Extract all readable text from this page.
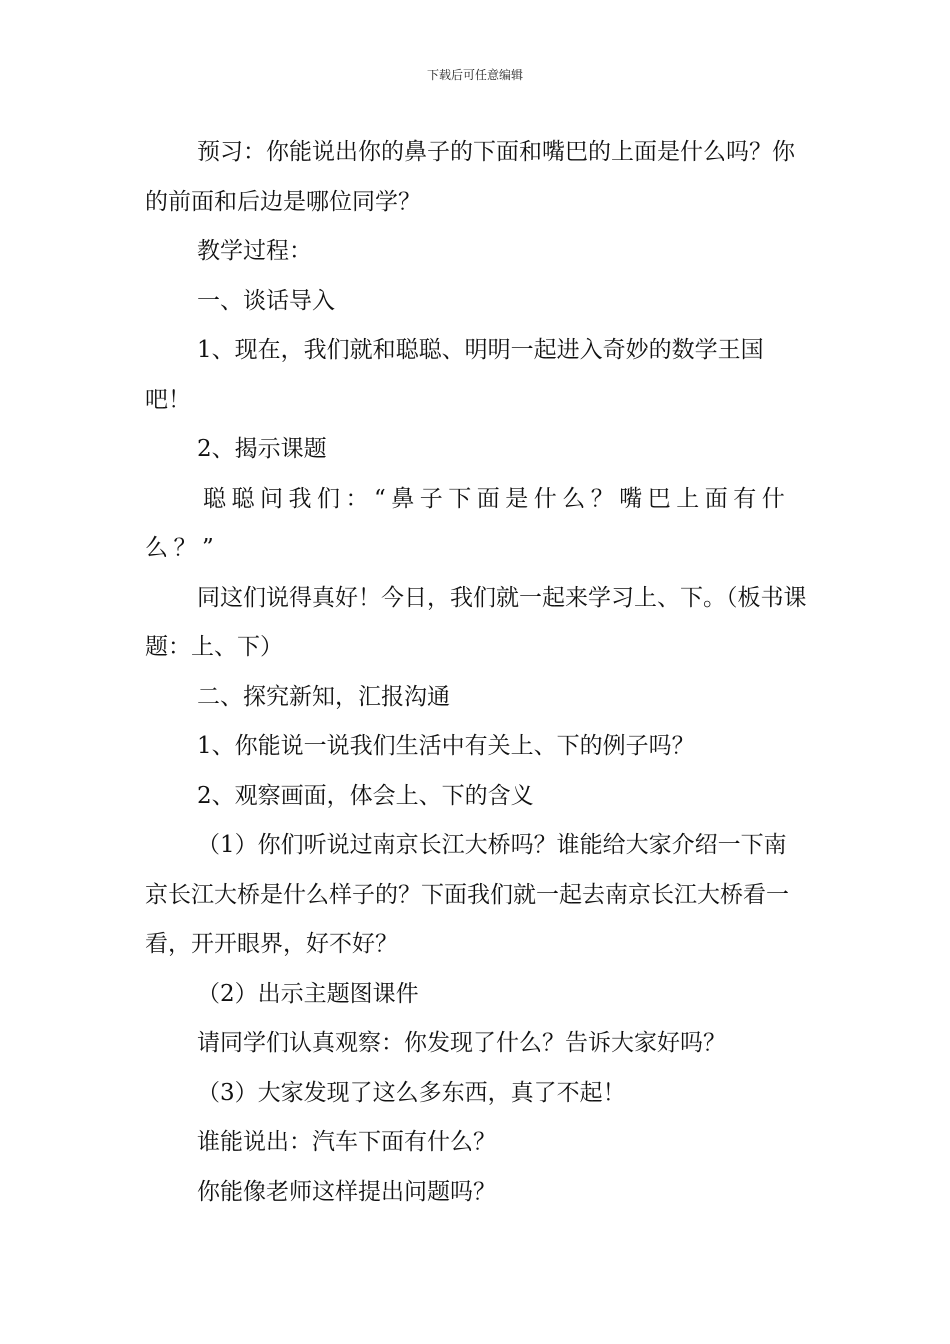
下载后可任意编辑

预习：你能说出你的鼻子的下面和嘴巴的上面是什么吗？你的前面和后边是哪位同学？

教学过程：

一、谈话导入

1、现在，我们就和聪聪、明明一起进入奇妙的数学王国吧！

2、揭示课题

聪聪问我们：“鼻子下面是什么？嘴巴上面有什么？”

同这们说得真好！今日，我们就一起来学习上、下。（板书课题：上、下）

二、探究新知，汇报沟通

1、你能说一说我们生活中有关上、下的例子吗？

2、观察画面，体会上、下的含义

（1）你们听说过南京长江大桥吗？谁能给大家介绍一下南京长江大桥是什么样子的？下面我们就一起去南京长江大桥看一看，开开眼界，好不好？

（2）出示主题图课件

请同学们认真观察：你发现了什么？告诉大家好吗？

（3）大家发现了这么多东西，真了不起！

谁能说出：汽车下面有什么？

你能像老师这样提出问题吗？
